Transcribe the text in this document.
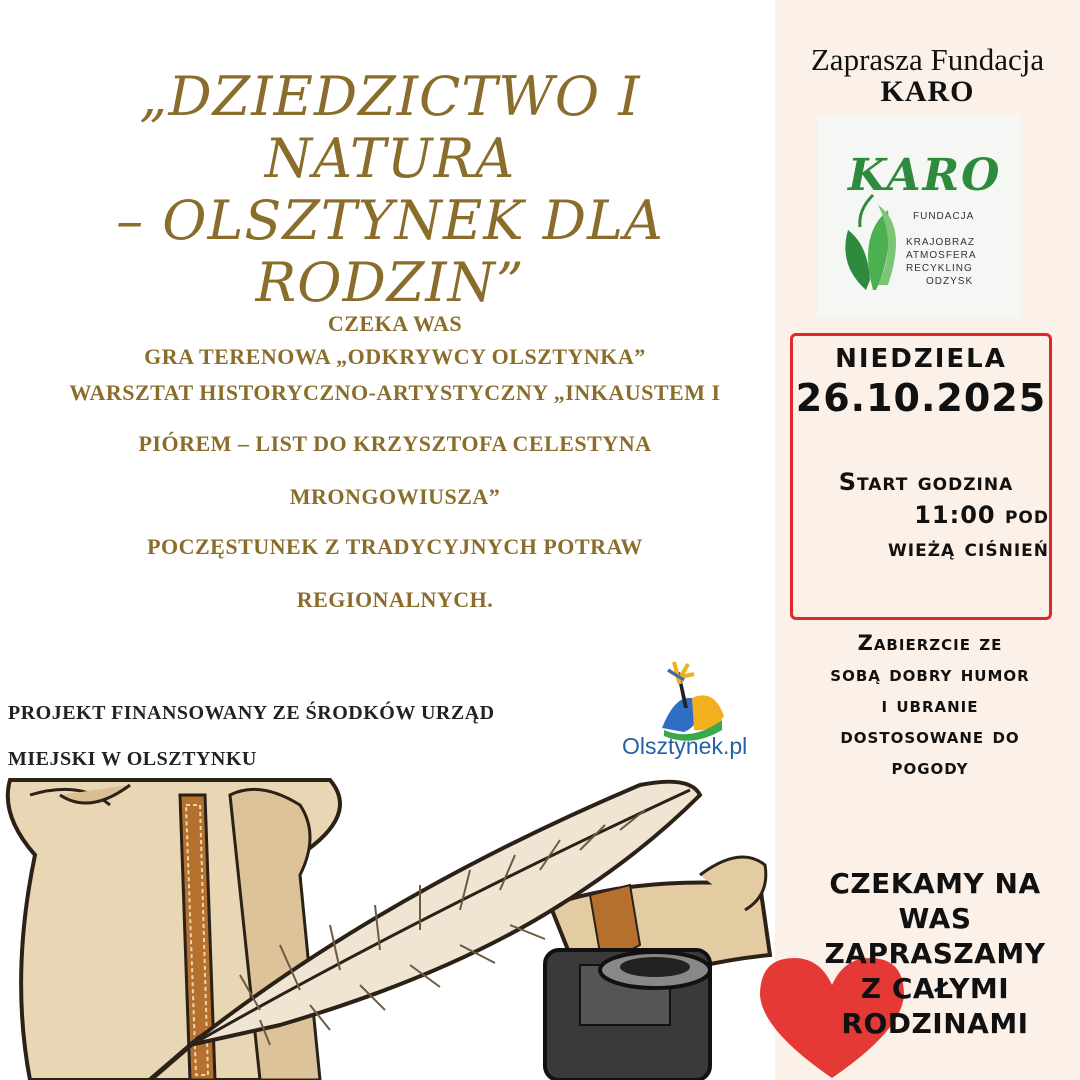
„DZIEDZICTWO I NATURA
– OLSZTYNEK DLA
RODZIN”
CZEKA WAS
GRA TERENOWA „ODKRYWCY OLSZTYNKA”
WARSZTAT HISTORYCZNO-ARTYSTYCZNY „INKAUSTEM I
PIÓREM – LIST DO KRZYSZTOFA CELESTYNA
MRONGOWIUSZA”
POCZĘSTUNEK Z TRADYCYJNYCH POTRAW
REGIONALNYCH.
PROJEKT FINANSOWANY ZE ŚRODKÓW URZĄD
MIEJSKI W OLSZTYNKU	Olsztynek.pl
Zaprasza Fundacja
KARO
KARO
FUNDACJA
KRAJOBRAZ
ATMOSFERA
RECYKLING
ODZYSK
NIEDZIELA
26.10.2025
Start godzina
11:00 pod
wieżą ciśnień
Zabierzcie ze
sobą dobry humor
i ubranie
dostosowane do
pogody
CZEKAMY NA
WAS
ZAPRASZAMY
Z CAŁYMI
RODZINAMI
